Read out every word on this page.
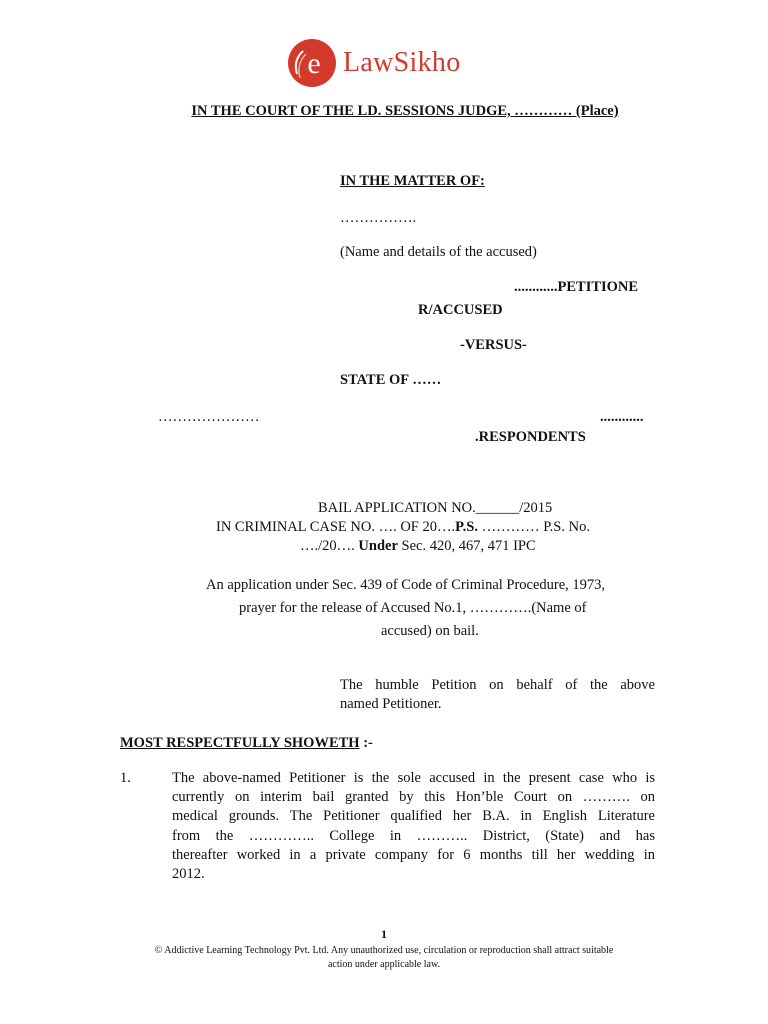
e LawSikho
IN THE COURT OF THE LD. SESSIONS JUDGE, ………… (Place)
IN THE MATTER OF:
…………….
(Name and details of the accused)
............PETITIONE
R/ACCUSED
-VERSUS-
STATE OF ……
…………………	............
.RESPONDENTS
BAIL APPLICATION NO.______/2015
IN CRIMINAL CASE NO. …. OF 20….P.S. ………… P.S. No.
…./20…. Under Sec. 420, 467, 471 IPC
An application under Sec. 439 of Code of Criminal Procedure, 1973,
prayer for the release of Accused No.1, ………….(Name of
accused) on bail.
The humble Petition on behalf of the above
named Petitioner.
MOST RESPECTFULLY SHOWETH :-
1.	The above-named Petitioner is the sole accused in the present case who is
currently on interim bail granted by this Hon’ble Court on ………. on
medical grounds. The Petitioner qualified her B.A. in English Literature
from the ………….. College in ……….. District, (State) and has
thereafter worked in a private company for 6 months till her wedding in
2012.
1
© Addictive Learning Technology Pvt. Ltd. Any unauthorized use, circulation or reproduction shall attract suitable
action under applicable law.
